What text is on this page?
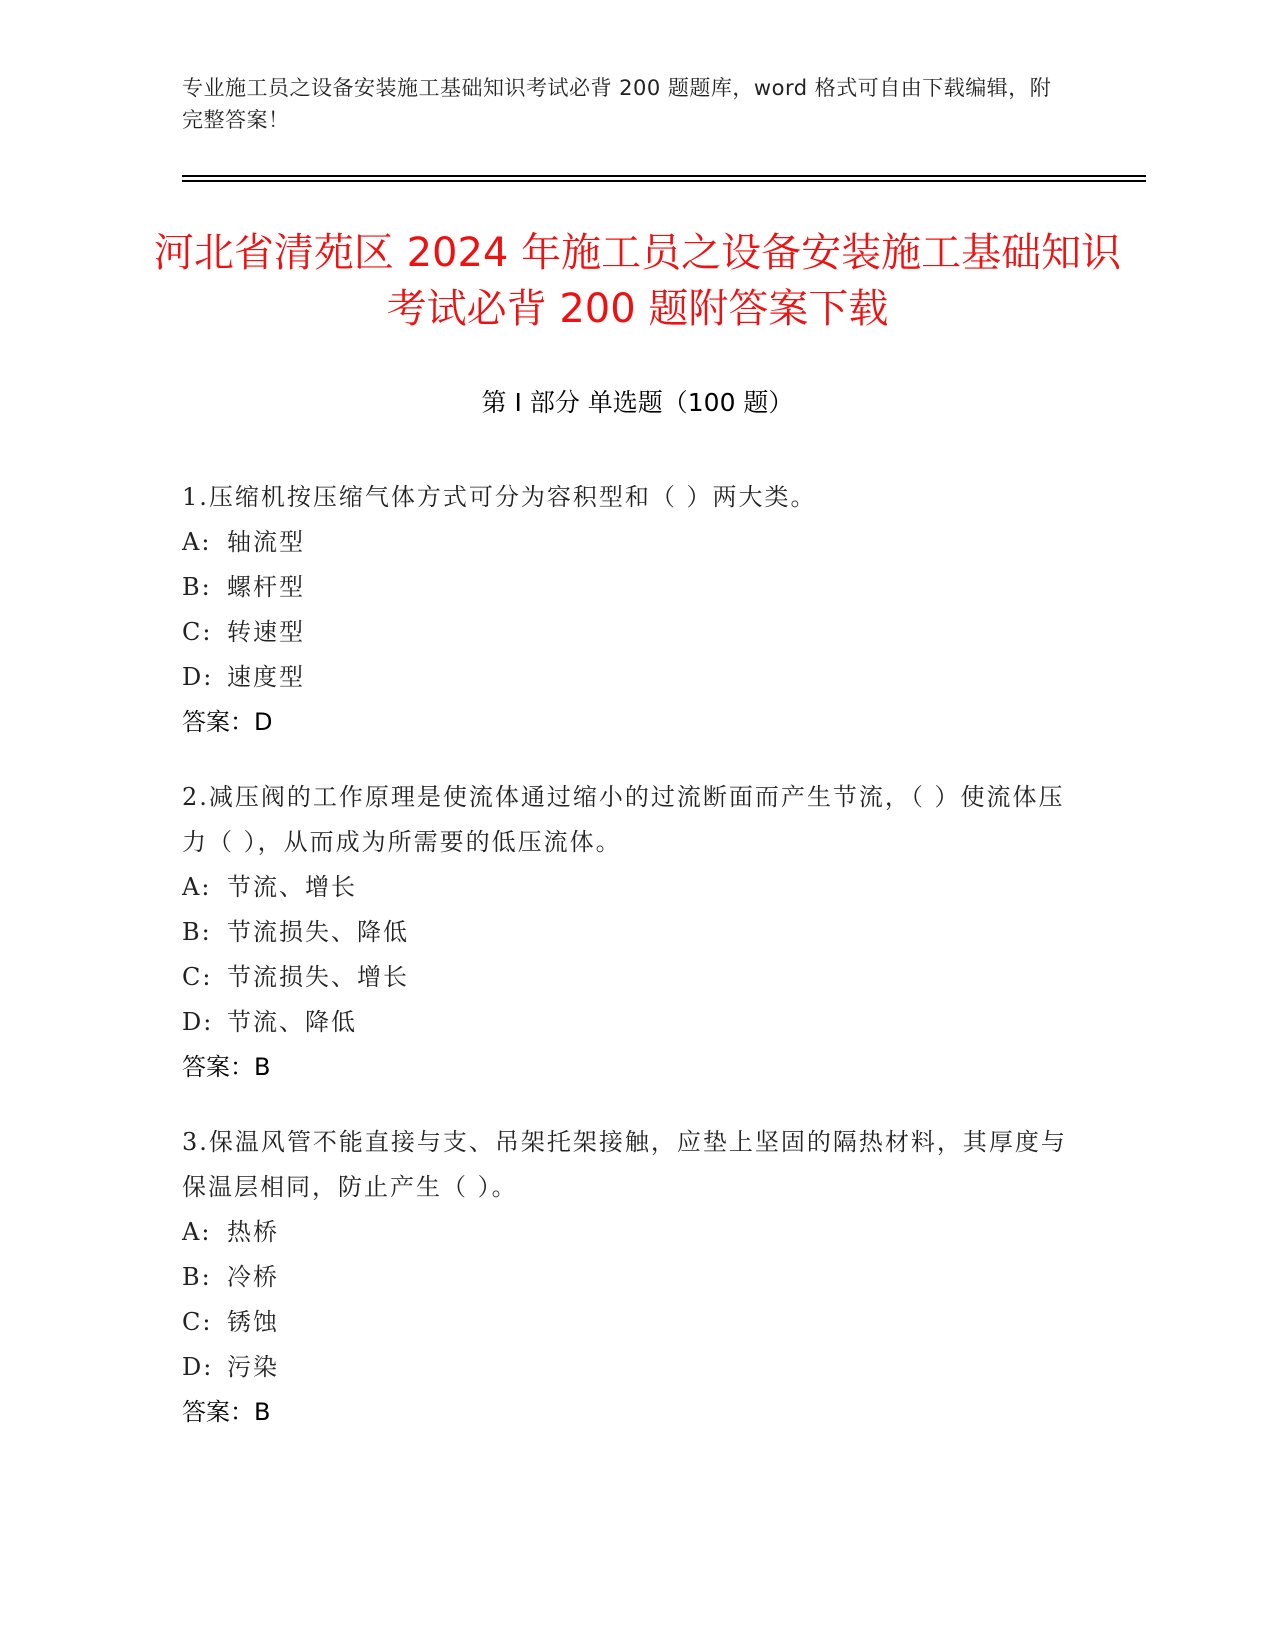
专业施工员之设备安装施工基础知识考试必背 200 题题库，word 格式可自由下载编辑，附完整答案！
河北省清苑区 2024 年施工员之设备安装施工基础知识考试必背 200 题附答案下载
第 I 部分 单选题（100 题）
1.压缩机按压缩气体方式可分为容积型和（ ）两大类。
A: 轴流型
B: 螺杆型
C: 转速型
D: 速度型
答案：D
2.减压阀的工作原理是使流体通过缩小的过流断面而产生节流，（ ）使流体压力（ ），从而成为所需要的低压流体。
A: 节流、增长
B: 节流损失、降低
C: 节流损失、增长
D: 节流、降低
答案：B
3.保温风管不能直接与支、吊架托架接触，应垫上坚固的隔热材料，其厚度与保温层相同，防止产生（ ）。
A: 热桥
B: 冷桥
C: 锈蚀
D: 污染
答案：B
